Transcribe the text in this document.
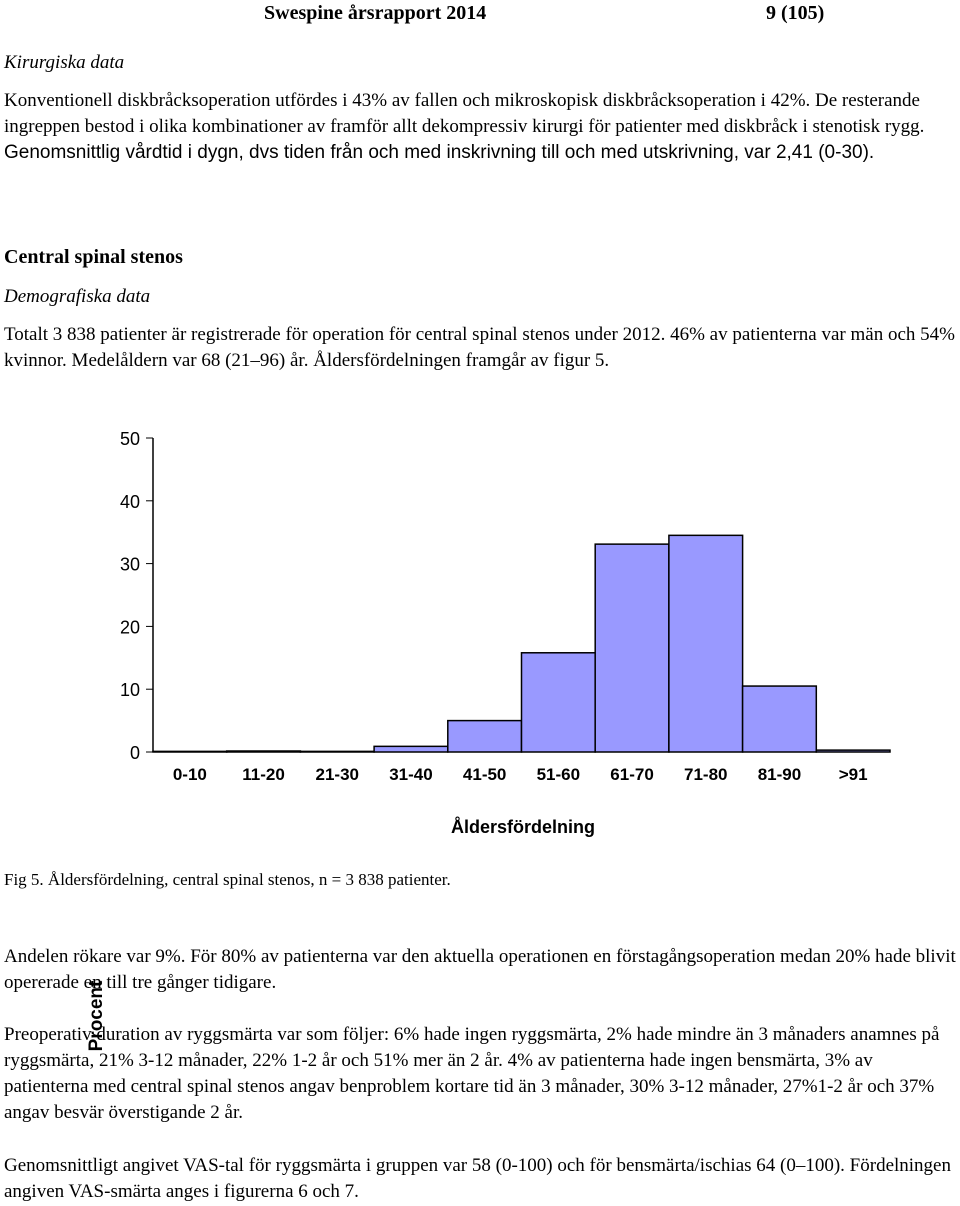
Swespine årsrapport 2014	9 (105)
Kirurgiska data
Konventionell diskbråcksoperation utfördes i 43% av fallen och mikroskopisk diskbråcksoperation i 42%. De resterande ingreppen bestod i olika kombinationer av framför allt dekompressiv kirurgi för patienter med diskbråck i stenotisk rygg. Genomsnittlig vårdtid i dygn, dvs tiden från och med inskrivning till och med utskrivning, var 2,41 (0-30).
Central spinal stenos
Demografiska data
Totalt 3 838 patienter är registrerade för operation för central spinal stenos under 2012. 46% av patienterna var män och 54% kvinnor. Medelåldern var 68 (21–96) år. Åldersfördelningen framgår av figur 5.
0
10
20
30
40
50
0-10 11-20 21-30 31-40 41-50 51-60 61-70 71-80 81-90 >91
Procent
Åldersfördelning
Fig 5. Åldersfördelning, central spinal stenos, n = 3 838 patienter.
Andelen rökare var 9%. För 80% av patienterna var den aktuella operationen en förstagångsoperation medan 20% hade blivit opererade en till tre gånger tidigare.
Preoperativ duration av ryggsmärta var som följer: 6% hade ingen ryggsmärta, 2% hade mindre än 3 månaders anamnes på ryggsmärta, 21% 3-12 månader, 22% 1-2 år och 51% mer än 2 år. 4% av patienterna hade ingen bensmärta, 3% av patienterna med central spinal stenos angav benproblem kortare tid än 3 månader, 30% 3-12 månader, 27%1-2 år och 37% angav besvär överstigande 2 år.
Genomsnittligt angivet VAS-tal för ryggsmärta i gruppen var 58 (0-100) och för bensmärta/ischias 64 (0–100). Fördelningen angiven VAS-smärta anges i figurerna 6 och 7.
